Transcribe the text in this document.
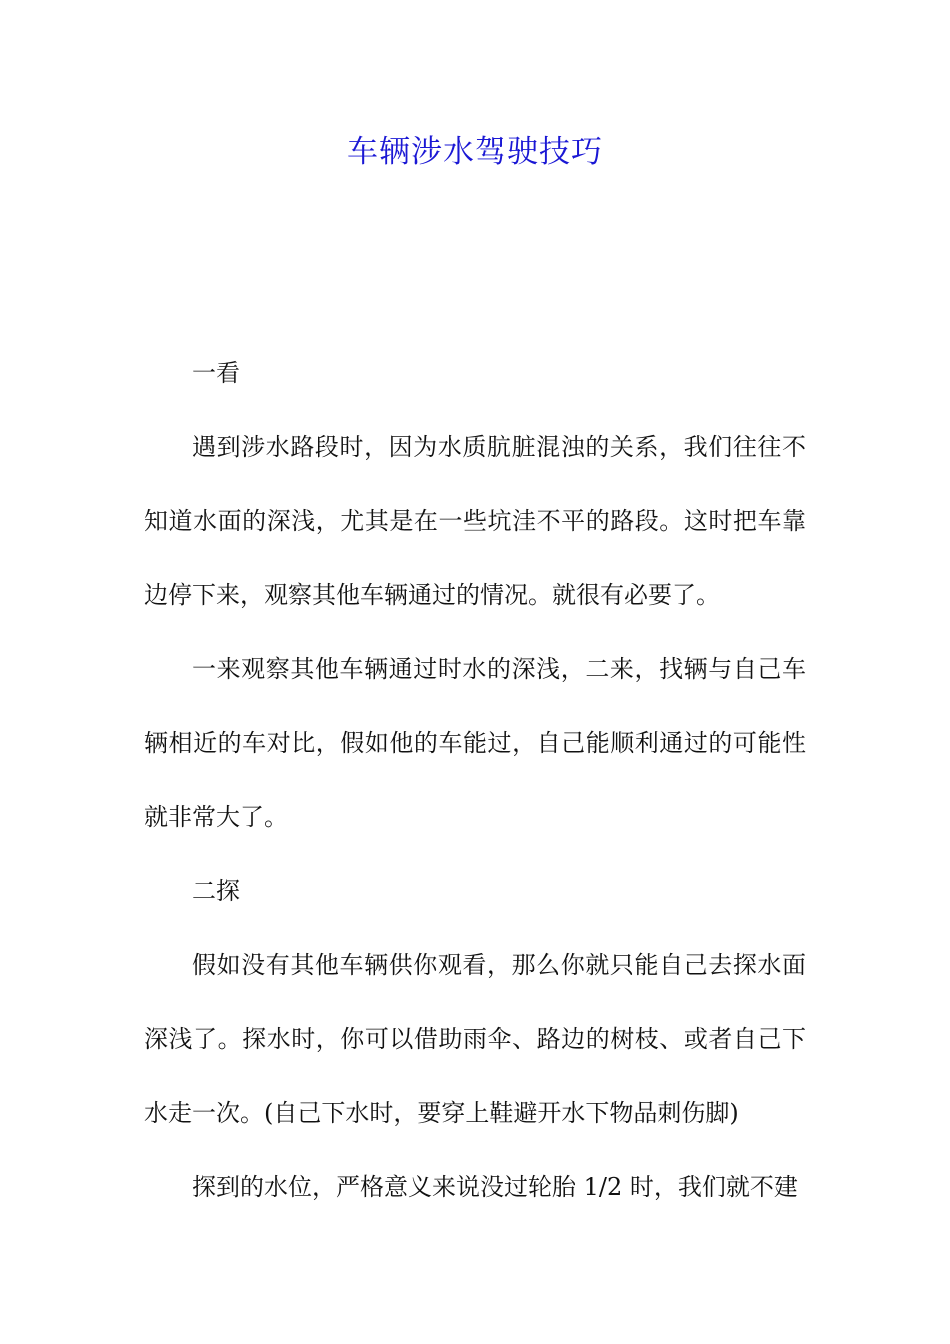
车辆涉水驾驶技巧

一看

遇到涉水路段时，因为水质肮脏混浊的关系，我们往往不知道水面的深浅，尤其是在一些坑洼不平的路段。这时把车靠边停下来，观察其他车辆通过的情况。就很有必要了。

一来观察其他车辆通过时水的深浅，二来，找辆与自己车辆相近的车对比，假如他的车能过，自己能顺利通过的可能性就非常大了。

二探

假如没有其他车辆供你观看，那么你就只能自己去探水面深浅了。探水时，你可以借助雨伞、路边的树枝、或者自己下水走一次。(自己下水时，要穿上鞋避开水下物品刺伤脚)

探到的水位，严格意义来说没过轮胎 1/2 时，我们就不建
